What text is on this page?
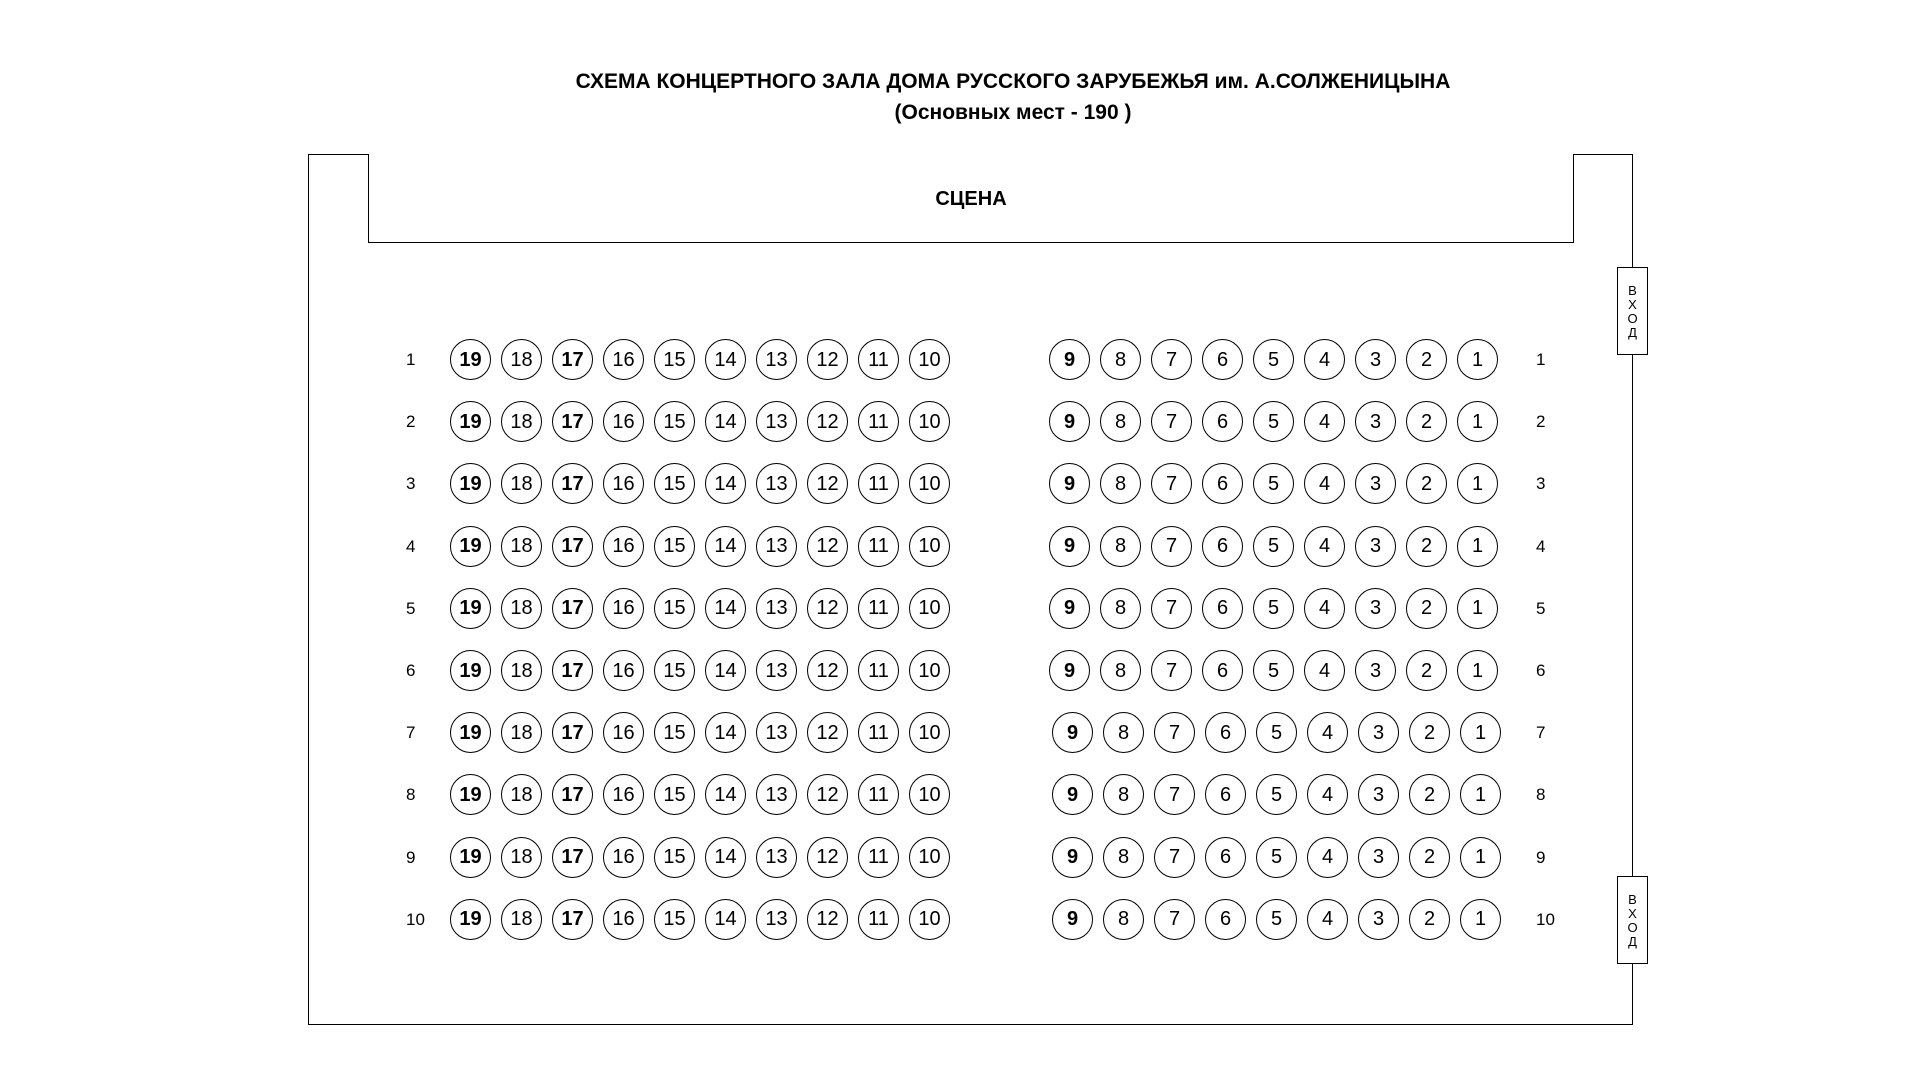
СХЕМА КОНЦЕРТНОГО ЗАЛА ДОМА РУССКОГО ЗАРУБЕЖЬЯ им. А.СОЛЖЕНИЦЫНА
(Основных мест - 190 )
СЦЕНА
ВХОД
ВХОД
1	19	18	17	16	15	14	13	12	11	10	9	8	7	6	5	4	3	2	1	1
2	19	18	17	16	15	14	13	12	11	10	9	8	7	6	5	4	3	2	1	2
3	19	18	17	16	15	14	13	12	11	10	9	8	7	6	5	4	3	2	1	3
4	19	18	17	16	15	14	13	12	11	10	9	8	7	6	5	4	3	2	1	4
5	19	18	17	16	15	14	13	12	11	10	9	8	7	6	5	4	3	2	1	5
6	19	18	17	16	15	14	13	12	11	10	9	8	7	6	5	4	3	2	1	6
7	19	18	17	16	15	14	13	12	11	10	9	8	7	6	5	4	3	2	1	7
8	19	18	17	16	15	14	13	12	11	10	9	8	7	6	5	4	3	2	1	8
9	19	18	17	16	15	14	13	12	11	10	9	8	7	6	5	4	3	2	1	9
10	19	18	17	16	15	14	13	12	11	10	9	8	7	6	5	4	3	2	1	10
